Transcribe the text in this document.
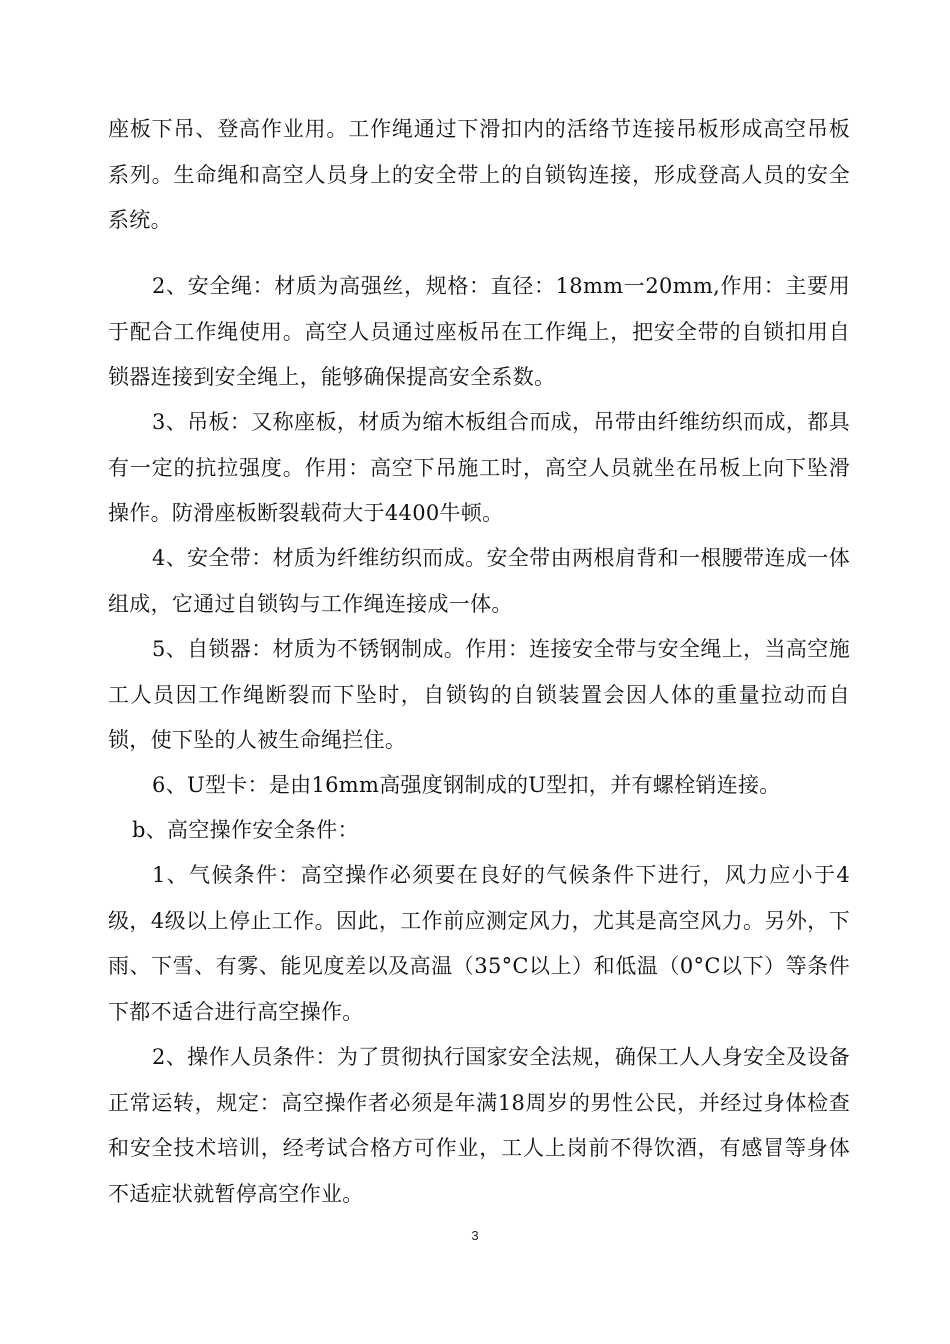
座板下吊、登高作业用。工作绳通过下滑扣内的活络节连接吊板形成高空吊板系列。生命绳和高空人员身上的安全带上的自锁钩连接，形成登高人员的安全系统。

2、安全绳：材质为高强丝，规格：直径：18mm一20mm,作用：主要用于配合工作绳使用。高空人员通过座板吊在工作绳上，把安全带的自锁扣用自锁器连接到安全绳上，能够确保提高安全系数。

3、吊板：又称座板，材质为缩木板组合而成，吊带由纤维纺织而成，都具有一定的抗拉强度。作用：高空下吊施工时，高空人员就坐在吊板上向下坠滑操作。防滑座板断裂载荷大于4400牛顿。

4、安全带：材质为纤维纺织而成。安全带由两根肩背和一根腰带连成一体组成，它通过自锁钩与工作绳连接成一体。

5、自锁器：材质为不锈钢制成。作用：连接安全带与安全绳上，当高空施工人员因工作绳断裂而下坠时，自锁钩的自锁装置会因人体的重量拉动而自锁，使下坠的人被生命绳拦住。

6、U型卡：是由16mm高强度钢制成的U型扣，并有螺栓销连接。

b、高空操作安全条件：

1、气候条件：高空操作必须要在良好的气候条件下进行，风力应小于4级，4级以上停止工作。因此，工作前应测定风力，尤其是高空风力。另外，下雨、下雪、有雾、能见度差以及高温（35°C以上）和低温（0°C以下）等条件下都不适合进行高空操作。

2、操作人员条件：为了贯彻执行国家安全法规，确保工人人身安全及设备正常运转，规定：高空操作者必须是年满18周岁的男性公民，并经过身体检查和安全技术培训，经考试合格方可作业，工人上岗前不得饮酒，有感冒等身体不适症状就暂停高空作业。

3
